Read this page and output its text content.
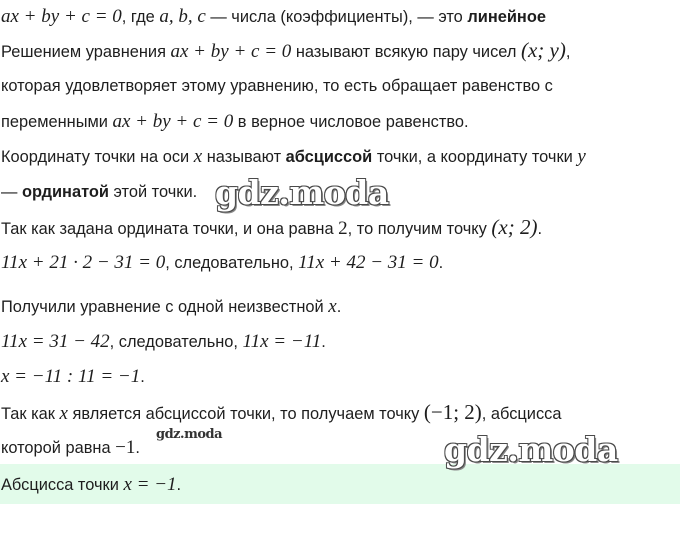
ax + by + c = 0, где a, b, c — числа (коэффициенты), — это линейное
Решением уравнения ax + by + c = 0 называют всякую пару чисел (x; y),
которая удовлетворяет этому уравнению, то есть обращает равенство с
переменными ax + by + c = 0 в верное числовое равенство.
Координату точки на оси x называют абсциссой точки, а координату точки y
— ординатой этой точки.
Так как задана ордината точки, и она равна 2, то получим точку (x; 2).
11x + 21 · 2 − 31 = 0, следовательно, 11x + 42 − 31 = 0.
Получили уравнение с одной неизвестной x.
11x = 31 − 42, следовательно, 11x = −11.
x = −11 : 11 = −1.
Так как x является абсциссой точки, то получаем точку (−1; 2), абсцисса
которой равна −1.
Абсцисса точки x = −1.
gdz.moda
gdz.moda	gdz.moda
